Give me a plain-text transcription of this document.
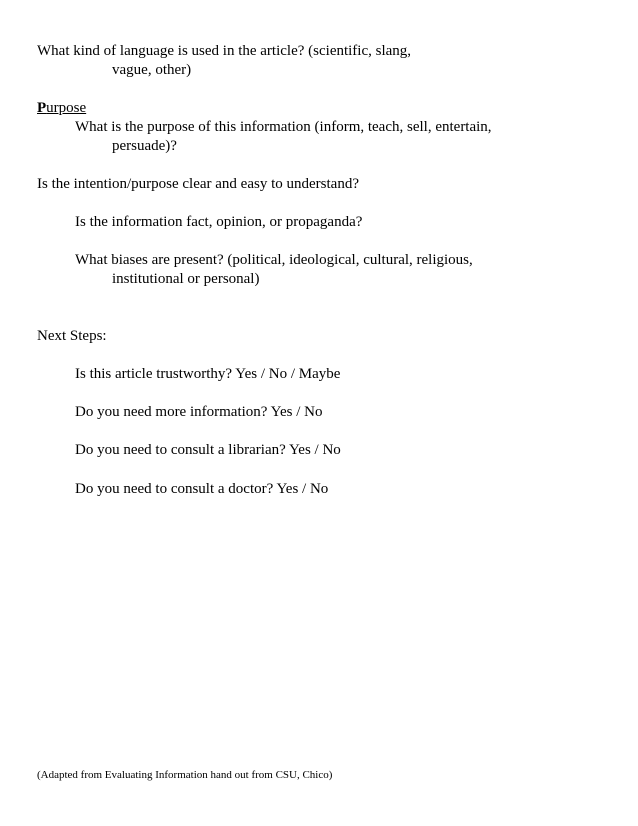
What kind of language is used in the article? (scientific, slang,
vague, other)
Purpose
What is the purpose of this information (inform, teach, sell, entertain,
persuade)?
Is the intention/purpose clear and easy to understand?
Is the information fact, opinion, or propaganda?
What biases are present? (political, ideological, cultural, religious,
institutional or personal)
Next Steps:
Is this article trustworthy? Yes / No / Maybe
Do you need more information? Yes / No
Do you need to consult a librarian? Yes / No
Do you need to consult a doctor? Yes / No
(Adapted from Evaluating Information hand out from CSU, Chico)
